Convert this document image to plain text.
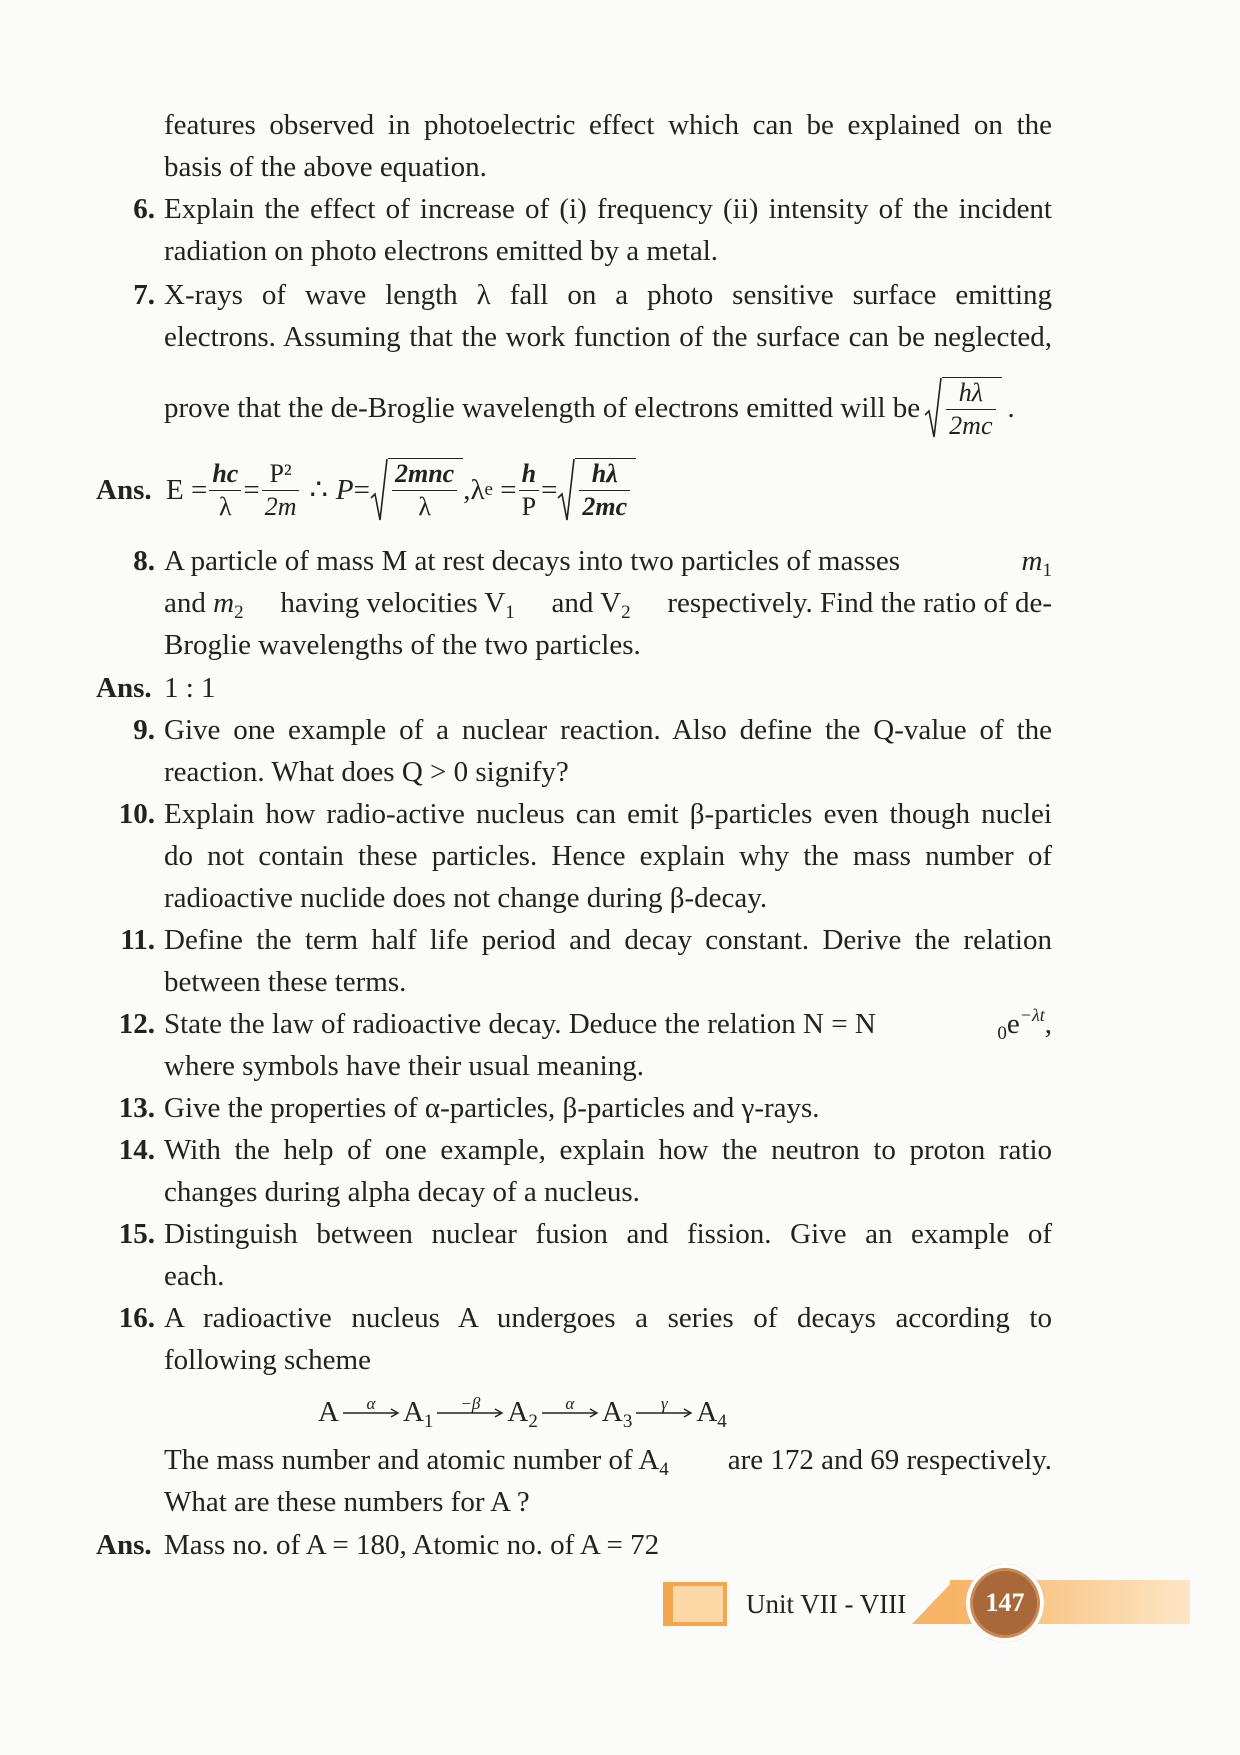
features observed in photoelectric effect which can be explained on the
basis of the above equation.
6. Explain the effect of increase of (i) frequency (ii) intensity of the incident
radiation on photo electrons emitted by a metal.
7. X-rays of wave length λ fall on a photo sensitive surface emitting
electrons. Assuming that the work function of the surface can be neglected,
prove that the de-Broglie wavelength of electrons emitted will be $\frac{h\lambda}{2mc}$ .
Ans. $E = \frac{hc}{\lambda} = \frac{\text{P²}}{2m}$ ∴ $P = \frac{\text{2mnc}}{\lambda}$ , λ $e = \frac{h}{P} = \frac{h\lambda}{2mc}$
8. A particle of mass M at rest decays into two particles of masses	$m_1$
and $m_2$ having velocities $V_1$ and $V_2$ respectively. Find the ratio of de-
Broglie wavelengths of the two particles.
Ans. 1 : 1
9. Give one example of a nuclear reaction. Also define the Q-value of the
reaction. What does Q > 0 signify?
10. Explain how radio-active nucleus can emit β-particles even though nuclei
do not contain these particles. Hence explain why the mass number of
radioactive nuclide does not change during β-decay.
11. Define the term half life period and decay constant. Derive the relation
between these terms.
12. State the law of radioactive decay. Deduce the relation N = N	$_0e^{-\lambda t}$,
where symbols have their usual meaning.
13. Give the properties of α-particles, β-particles and γ-rays.
14. With the help of one example, explain how the neutron to proton ratio
changes during alpha decay of a nucleus.
15. Distinguish between nuclear fusion and fission. Give an example of
each.
16. A radioactive nucleus A undergoes a series of decays according to
following scheme
A	α $A_1$
−β $A_2$
α $A_3$
γ $A_4$
The mass number and atomic number of $A_4$ are 172 and 69 respectively.
What are these numbers for A ?
Ans. Mass no. of A = 180, Atomic no. of A = 72
Unit VII - VIII	147
